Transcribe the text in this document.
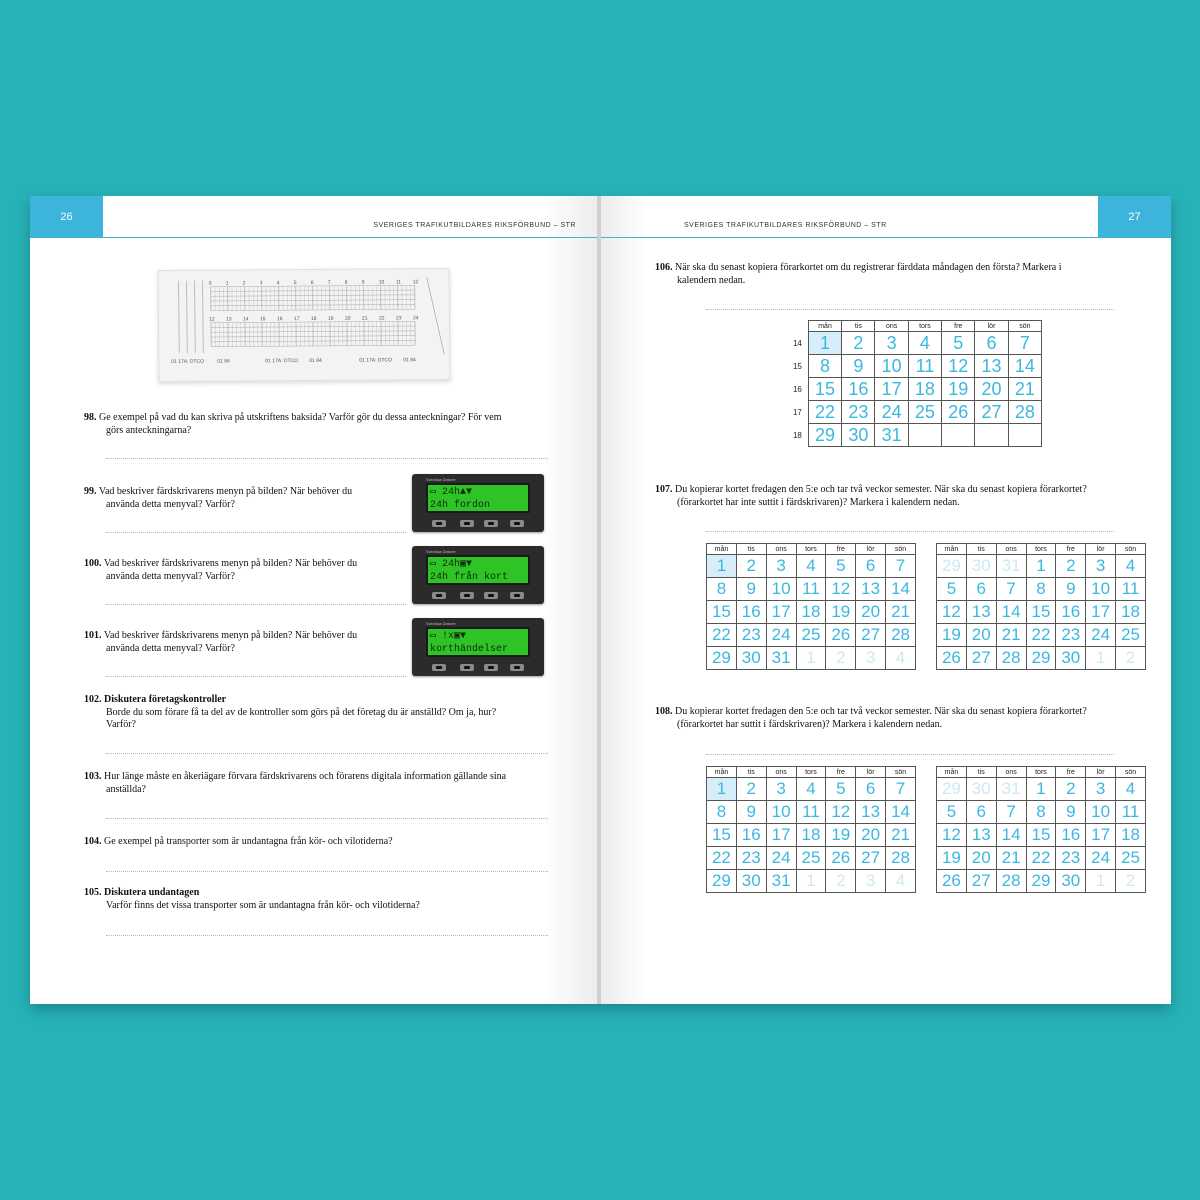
26
SVERIGES TRAFIKUTBILDARES RIKSFÖRBUND – STR
0	1	2	3	4	5	6	7	8	9	10 11 12
12 13 14 15 16 17 18 19 20 21 22 23 24
01 17A: DTCO	01 84	01 17A: DTCO 01 84	01 17A: DTCO 01 84
98. Ge exempel på vad du kan skriva på utskriftens baksida? Varför gör du dessa anteckningar? För vem
görs anteckningarna?
99. Vad beskriver färdskrivarens menyn på bilden? När behöver du
använda detta menyval? Varför?
Svenska Datorer
▭ 24h▲▼
24h fordon
100. Vad beskriver färdskrivarens menyn på bilden? När behöver du
använda detta menyval? Varför?
Svenska Datorer
▭ 24h▣▼
24h från kort
101. Vad beskriver färdskrivarens menyn på bilden? När behöver du
använda detta menyval? Varför?
Svenska Datorer
▭ !x▣▼
korthändelser
102. Diskutera företagskontroller
Borde du som förare få ta del av de kontroller som görs på det företag du är anställd? Om ja, hur?
Varför?
103. Hur länge måste en åkeriägare förvara färdskrivarens och förarens digitala information gällande sina
anställda?
104. Ge exempel på transporter som är undantagna från kör- och vilotiderna?
105. Diskutera undantagen
Varför finns det vissa transporter som är undantagna från kör- och vilotiderna?
27
SVERIGES TRAFIKUTBILDARES RIKSFÖRBUND – STR
106. När ska du senast kopiera förarkortet om du registrerar färddata måndagen den första? Markera i
kalendern nedan.
	mån	tis	ons	tors	fre	lör	sön
14	1	2	3	4	5	6	7
15	8	9	10	11	12	13	14
16	15	16	17	18	19	20	21
17	22	23	24	25	26	27	28
18	29	30	31				
107. Du kopierar kortet fredagen den 5:e och tar två veckor semester. När ska du senast kopiera förarkortet?
(förarkortet har inte suttit i färdskrivaren)? Markera i kalendern nedan.
mån	tis	ons	tors	fre	lör	sön
1	2	3	4	5	6	7
8	9	10	11	12	13	14
15	16	17	18	19	20	21
22	23	24	25	26	27	28
29	30	31	1	2	3	4
mån	tis	ons	tors	fre	lör	sön
29	30	31	1	2	3	4
5	6	7	8	9	10	11
12	13	14	15	16	17	18
19	20	21	22	23	24	25
26	27	28	29	30	1	2
108. Du kopierar kortet fredagen den 5:e och tar två veckor semester. När ska du senast kopiera förarkortet?
(förarkortet har suttit i färdskrivaren)? Markera i kalendern nedan.
mån	tis	ons	tors	fre	lör	sön
1	2	3	4	5	6	7
8	9	10	11	12	13	14
15	16	17	18	19	20	21
22	23	24	25	26	27	28
29	30	31	1	2	3	4
mån	tis	ons	tors	fre	lör	sön
29	30	31	1	2	3	4
5	6	7	8	9	10	11
12	13	14	15	16	17	18
19	20	21	22	23	24	25
26	27	28	29	30	1	2
